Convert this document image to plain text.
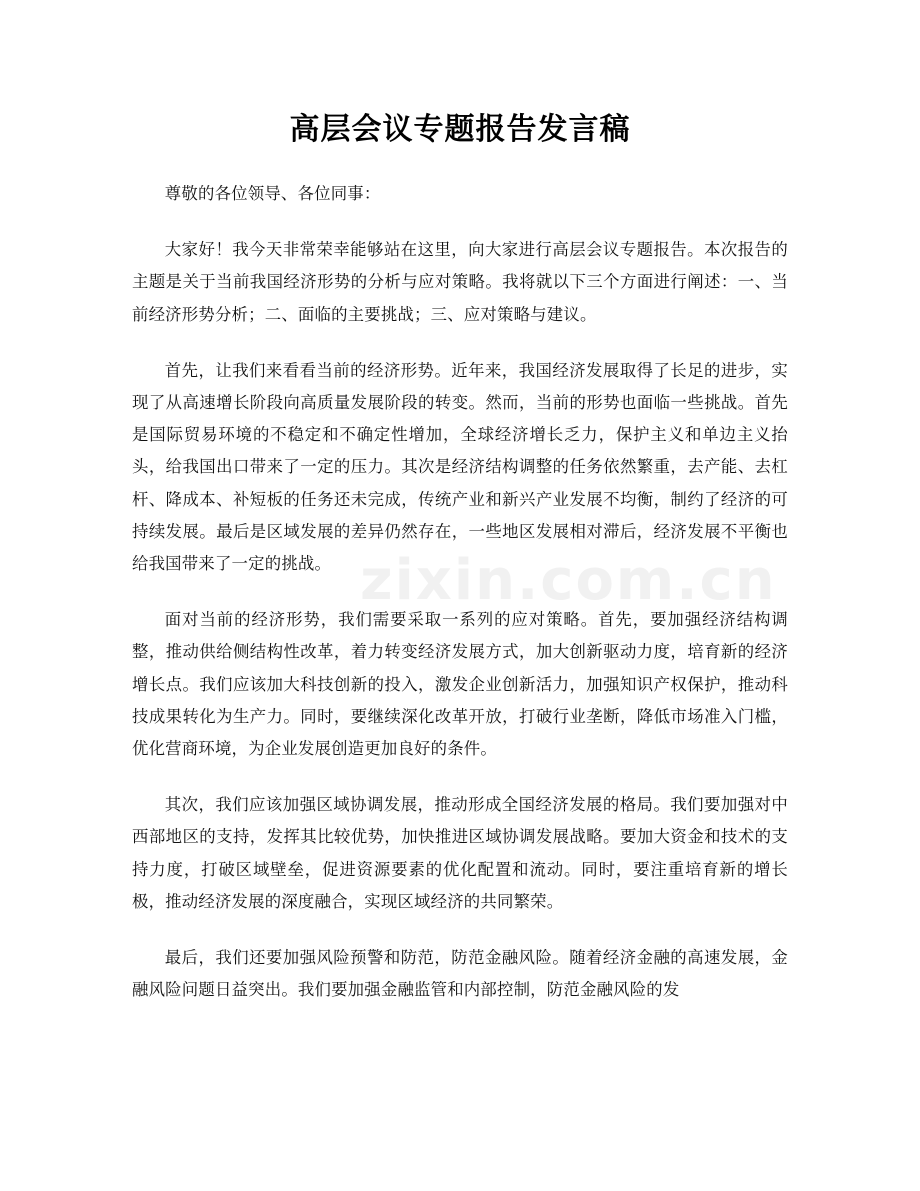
高层会议专题报告发言稿

尊敬的各位领导、各位同事：

大家好！我今天非常荣幸能够站在这里，向大家进行高层会议专题报告。本次报告的主题是关于当前我国经济形势的分析与应对策略。我将就以下三个方面进行阐述：一、当前经济形势分析；二、面临的主要挑战；三、应对策略与建议。

首先，让我们来看看当前的经济形势。近年来，我国经济发展取得了长足的进步，实现了从高速增长阶段向高质量发展阶段的转变。然而，当前的形势也面临一些挑战。首先是国际贸易环境的不稳定和不确定性增加，全球经济增长乏力，保护主义和单边主义抬头，给我国出口带来了一定的压力。其次是经济结构调整的任务依然繁重，去产能、去杠杆、降成本、补短板的任务还未完成，传统产业和新兴产业发展不均衡，制约了经济的可持续发展。最后是区域发展的差异仍然存在，一些地区发展相对滞后，经济发展不平衡也给我国带来了一定的挑战。

面对当前的经济形势，我们需要采取一系列的应对策略。首先，要加强经济结构调整，推动供给侧结构性改革，着力转变经济发展方式，加大创新驱动力度，培育新的经济增长点。我们应该加大科技创新的投入，激发企业创新活力，加强知识产权保护，推动科技成果转化为生产力。同时，要继续深化改革开放，打破行业垄断，降低市场准入门槛，优化营商环境，为企业发展创造更加良好的条件。

其次，我们应该加强区域协调发展，推动形成全国经济发展的格局。我们要加强对中西部地区的支持，发挥其比较优势，加快推进区域协调发展战略。要加大资金和技术的支持力度，打破区域壁垒，促进资源要素的优化配置和流动。同时，要注重培育新的增长极，推动经济发展的深度融合，实现区域经济的共同繁荣。

最后，我们还要加强风险预警和防范，防范金融风险。随着经济金融的高速发展，金融风险问题日益突出。我们要加强金融监管和内部控制，防范金融风险的发

zixin.com.cn
